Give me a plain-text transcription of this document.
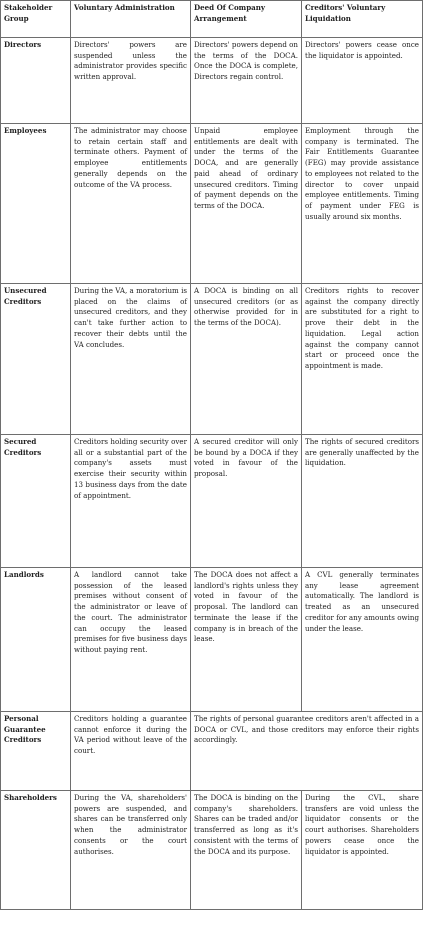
Stakeholder Group	Voluntary Administration	Deed Of Company Arrangement	Creditors' Voluntary Liquidation
Directors	Directors' powers are suspended unless the administrator provides specific written approval.	Directors' powers depend on the terms of the DOCA. Once the DOCA is complete, Directors regain control.	Directors' powers cease once the liquidator is appointed.
Employees	The administrator may choose to retain certain staff and terminate others. Payment of employee entitlements generally depends on the outcome of the VA process.	Unpaid employee entitlements are dealt with under the terms of the DOCA, and are generally paid ahead of ordinary unsecured creditors. Timing of payment depends on the terms of the DOCA.	Employment through the company is terminated. The Fair Entitlements Guarantee (FEG) may provide assistance to employees not related to the director to cover unpaid employee entitlements. Timing of payment under FEG is usually around six months.
Unsecured Creditors	During the VA, a moratorium is placed on the claims of unsecured creditors, and they can't take further action to recover their debts until the VA concludes.	A DOCA is binding on all unsecured creditors (or as otherwise provided for in the terms of the DOCA).	Creditors rights to recover against the company directly are substituted for a right to prove their debt in the liquidation. Legal action against the company cannot start or proceed once the appointment is made.
Secured Creditors	Creditors holding security over all or a substantial part of the company's assets must exercise their security within 13 business days from the date of appointment.	A secured creditor will only be bound by a DOCA if they voted in favour of the proposal.	The rights of secured creditors are generally unaffected by the liquidation.
Landlords	A landlord cannot take possession of the leased premises without consent of the administrator or leave of the court. The administrator can occupy the leased premises for five business days without paying rent.	The DOCA does not affect a landlord's rights unless they voted in favour of the proposal. The landlord can terminate the lease if the company is in breach of the lease.	A CVL generally terminates any lease agreement automatically. The landlord is treated as an unsecured creditor for any amounts owing under the lease.
Personal Guarantee Creditors	Creditors holding a guarantee cannot enforce it during the VA period without leave of the court.	The rights of personal guarantee creditors aren't affected in a DOCA or CVL, and those creditors may enforce their rights accordingly.	
Shareholders	During the VA, shareholders' powers are suspended, and shares can be transferred only when the administrator consents or the court authorises.	The DOCA is binding on the company's shareholders. Shares can be traded and/or transferred as long as it's consistent with the terms of the DOCA and its purpose.	During the CVL, share transfers are void unless the liquidator consents or the court authorises. Shareholders powers cease once the liquidator is appointed.
